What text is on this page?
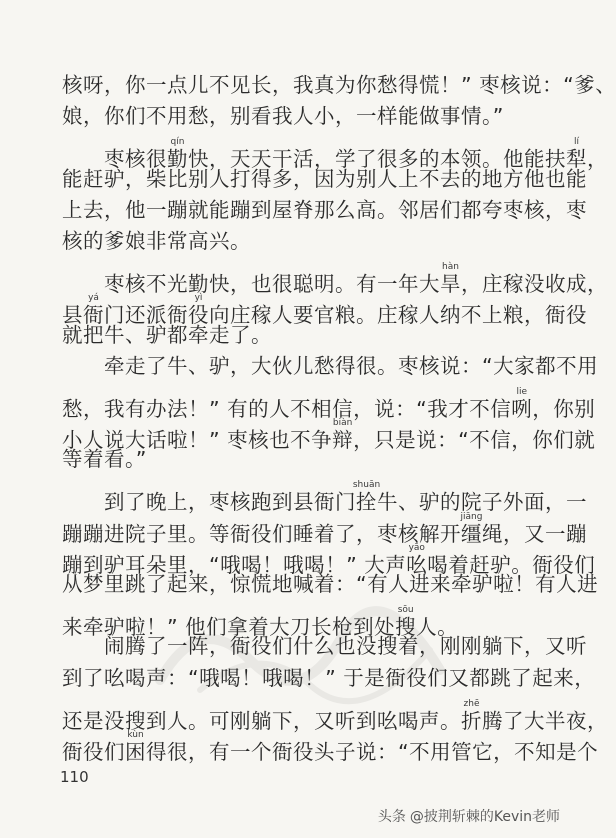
核呀，你一点儿不见长，我真为你愁得慌！” 枣核说：“爹、
娘，你们不用愁，别看我人小，一样能做事情。”
　　枣核很勤qín快，天天干活，学了很多的本领。他能扶犁lí，
能赶驴，柴比别人打得多，因为别人上不去的地方他也能
上去，他一蹦就能蹦到屋脊那么高。邻居们都夸枣核，枣
核的爹娘非常高兴。
　　枣核不光勤快，也很聪明。有一年大旱hàn，庄稼没收成，
县衙yá门还派衙役yì向庄稼人要官粮。庄稼人纳不上粮，衙役
就把牛、驴都牵走了。
　　牵走了牛、驴，大伙儿愁得很。枣核说：“大家都不用
愁，我有办法！” 有的人不相信，说：“我才不信咧lie，你别
小人说大话啦！” 枣核也不争辩biàn，只是说：“不信，你们就
等着看。”
　　到了晚上，枣核跑到县衙门拴shuān牛、驴的院子外面，一
蹦蹦进院子里。等衙役们睡着了，枣核解开缰jiāng绳，又一蹦
蹦到驴耳朵里，“哦喝！哦喝！” 大声吆yāo喝着赶驴。衙役们
从梦里跳了起来，惊慌地喊着：“有人进来牵驴啦！有人进
来牵驴啦！” 他们拿着大刀长枪到处搜sōu人。
　　闹腾了一阵，衙役们什么也没搜着，刚刚躺下，又听
到了吆喝声：“哦喝！哦喝！” 于是衙役们又都跳了起来，
还是没搜到人。可刚躺下，又听到吆喝声。折zhē腾了大半夜，
衙役们困kùn得很，有一个衙役头子说：“不用管它，不知是个
110
头条 @披荆斩棘的Kevin老师
